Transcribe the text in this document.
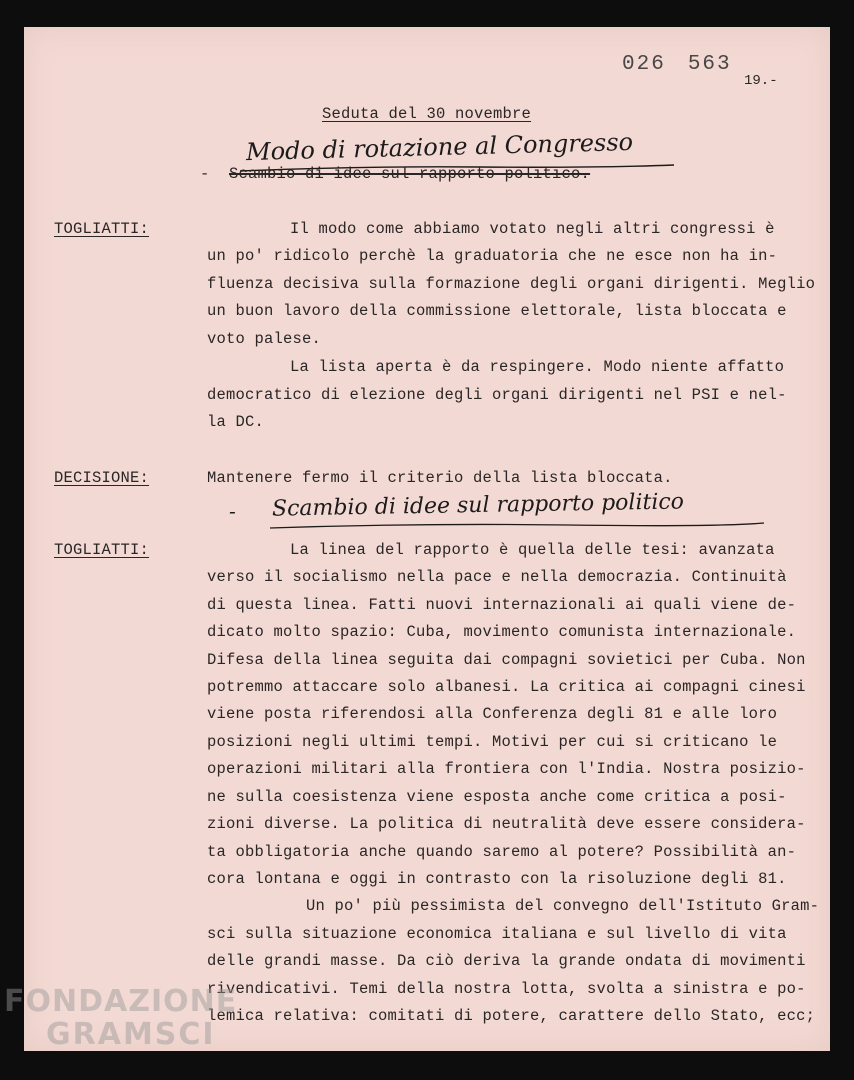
026 563
19.-
Seduta del 30 novembre
Modo di rotazione al Congresso
- Scambio di idee sul rapporto politico.
TOGLIATTI:	Il modo come abbiamo votato negli altri congressi è
un po' ridicolo perchè la graduatoria che ne esce non ha in-
fluenza decisiva sulla formazione degli organi dirigenti. Meglio
un buon lavoro della commissione elettorale, lista bloccata e
voto palese.
La lista aperta è da respingere. Modo niente affatto
democratico di elezione degli organi dirigenti nel PSI e nel-
la DC.
DECISIONE:	Mantenere fermo il criterio della lista bloccata.
- Scambio di idee sul rapporto politico
TOGLIATTI:	La linea del rapporto è quella delle tesi: avanzata
verso il socialismo nella pace e nella democrazia. Continuità
di questa linea. Fatti nuovi internazionali ai quali viene de-
dicato molto spazio: Cuba, movimento comunista internazionale.
Difesa della linea seguita dai compagni sovietici per Cuba. Non
potremmo attaccare solo albanesi. La critica ai compagni cinesi
viene posta riferendosi alla Conferenza degli 81 e alle loro
posizioni negli ultimi tempi. Motivi per cui si criticano le
operazioni militari alla frontiera con l'India. Nostra posizio-
ne sulla coesistenza viene esposta anche come critica a posi-
zioni diverse. La politica di neutralità deve essere considera-
ta obbligatoria anche quando saremo al potere? Possibilità an-
cora lontana e oggi in contrasto con la risoluzione degli 81.
Un po' più pessimista del convegno dell'Istituto Gram-
sci sulla situazione economica italiana e sul livello di vita
delle grandi masse. Da ciò deriva la grande ondata di movimenti
rivendicativi. Temi della nostra lotta, svolta a sinistra e po-
lemica relativa: comitati di potere, carattere dello Stato, ecc;
FONDAZIONE
GRAMSCI
